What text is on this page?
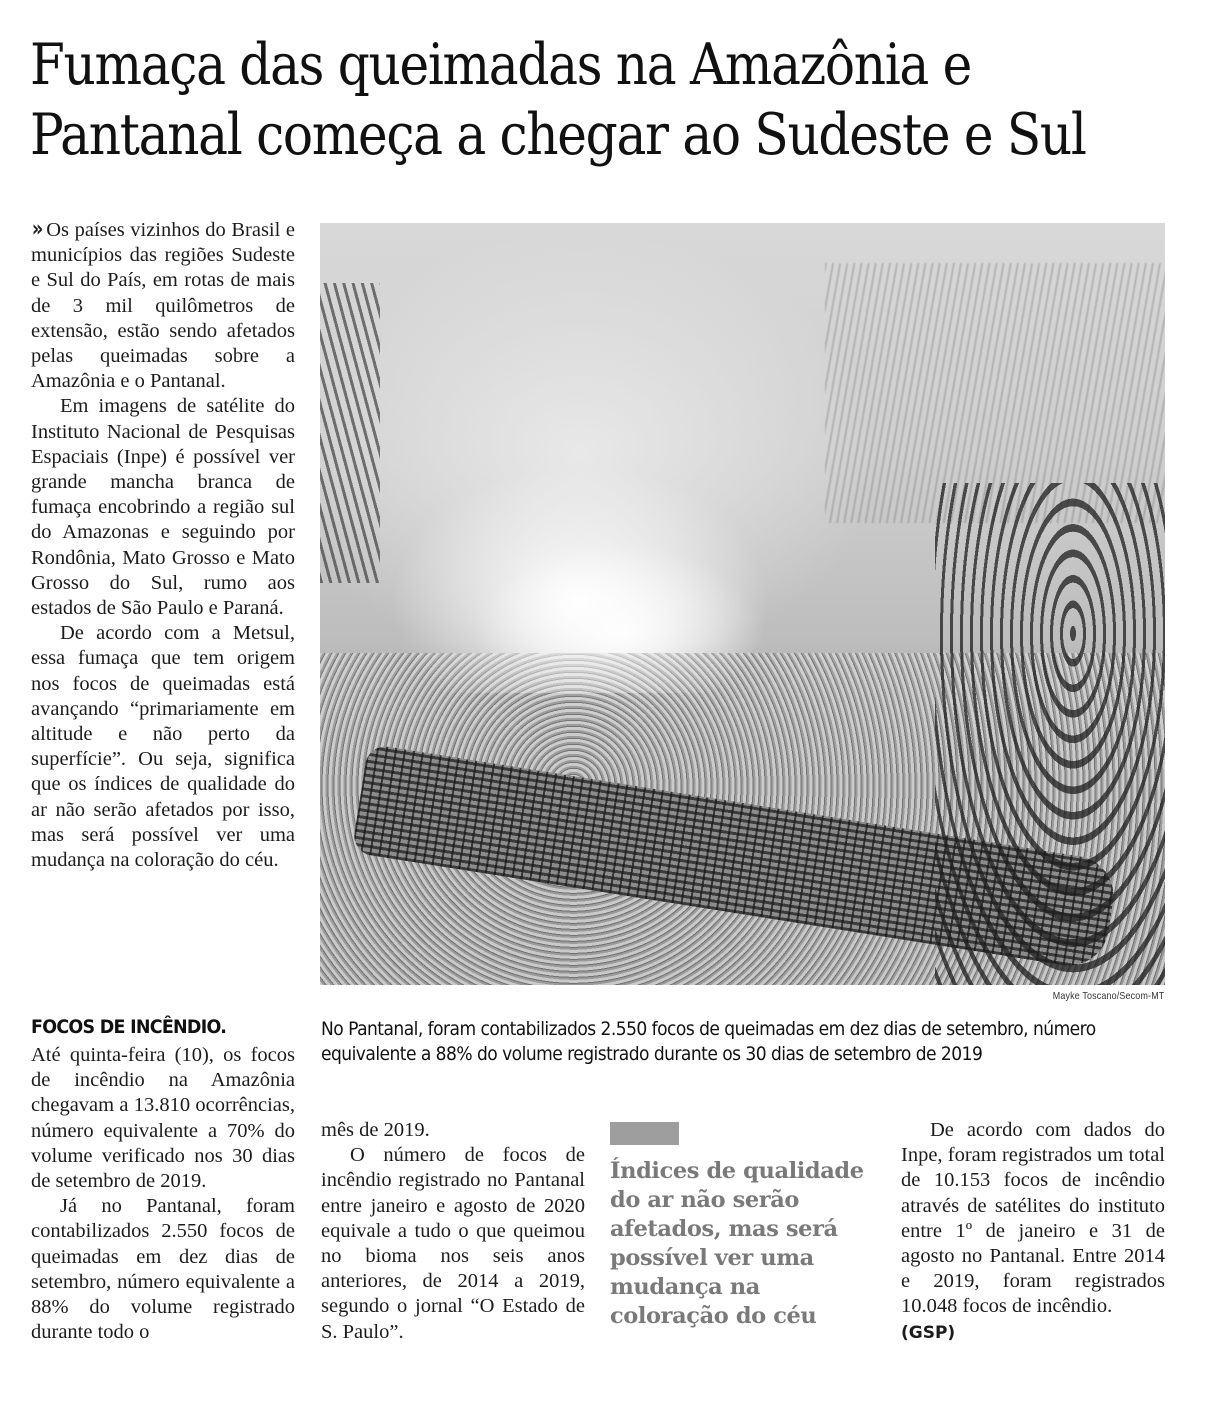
Fumaça das queimadas na Amazônia e
Pantanal começa a chegar ao Sudeste e Sul

» Os países vizinhos do Brasil e municípios das regiões Sudeste e Sul do País, em rotas de mais de 3 mil quilômetros de extensão, estão sendo afetados pelas queimadas sobre a Amazônia e o Pantanal.

Em imagens de satélite do Instituto Nacional de Pesquisas Espaciais (Inpe) é possível ver grande mancha branca de fumaça encobrindo a região sul do Amazonas e seguindo por Rondônia, Mato Grosso e Mato Grosso do Sul, rumo aos estados de São Paulo e Paraná.

De acordo com a Metsul, essa fumaça que tem origem nos focos de queimadas está avançando “primariamente em altitude e não perto da superfície”. Ou seja, significa que os índices de qualidade do ar não serão afetados por isso, mas será possível ver uma mudança na coloração do céu.

FOCOS DE INCÊNDIO.

Até quinta-feira (10), os focos de incêndio na Amazônia chegavam a 13.810 ocorrências, número equivalente a 70% do volume verificado nos 30 dias de setembro de 2019.

Já no Pantanal, foram contabilizados 2.550 focos de queimadas em dez dias de setembro, número equivalente a 88% do volume registrado durante todo o

Mayke Toscano/Secom-MT
No Pantanal, foram contabilizados 2.550 focos de queimadas em dez dias de setembro, número
equivalente a 88% do volume registrado durante os 30 dias de setembro de 2019

mês de 2019.

O número de focos de incêndio registrado no Pantanal entre janeiro e agosto de 2020 equivale a tudo o que queimou no bioma nos seis anos anteriores, de 2014 a 2019, segundo o jornal “O Estado de S. Paulo”.

Índices de qualidade do ar não serão afetados, mas será possível ver uma mudança na coloração do céu

De acordo com dados do Inpe, foram registrados um total de 10.153 focos de incêndio através de satélites do instituto entre 1º de janeiro e 31 de agosto no Pantanal. Entre 2014 e 2019, foram registrados 10.048 focos de incêndio.

(GSP)
